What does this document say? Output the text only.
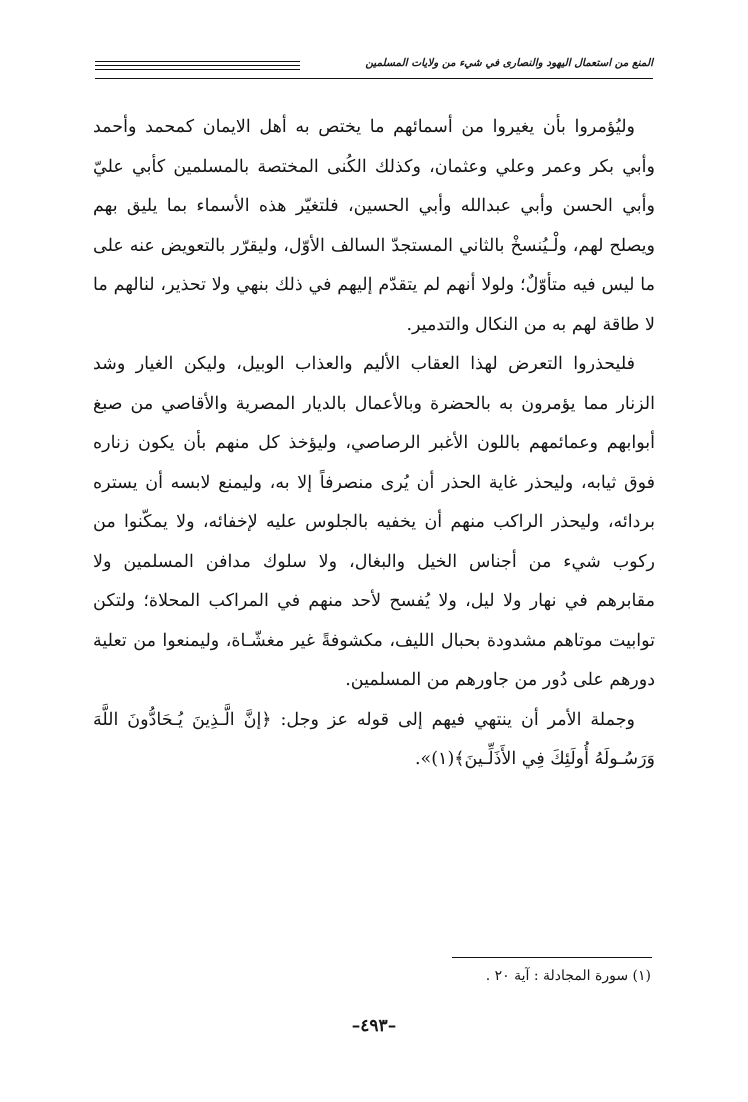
المنع من استعمال اليهود والنصارى في شيء من ولايات المسلمين

وليُؤمروا بأن يغيروا من أسمائهم ما يختص به أهل الايمان كمحمد وأحمد وأبي بكر وعمر وعلي وعثمان، وكذلك الكُنى المختصة بالمسلمين كأبي عليّ وأبي الحسن وأبي عبدالله وأبي الحسين، فلتغيّر هذه الأسماء بما يليق بهم ويصلح لهم، ولْـيُنسخْ بالثاني المستجدّ السالف الأوّل، وليقرّر بالتعويض عنه على ما ليس فيه متأوّلٌ؛ ولولا أنهم لم يتقدّم إليهم في ذلك بنهي ولا تحذير، لنالهم ما لا طاقة لهم به من النكال والتدمير.

فليحذروا التعرض لهذا العقاب الأليم والعذاب الوبيل، وليكن الغيار وشد الزنار مما يؤمرون به بالحضرة وبالأعمال بالديار المصرية والأقاصي من صبغ أبوابهم وعمائمهم باللون الأغبر الرصاصي، وليؤخذ كل منهم بأن يكون زناره فوق ثيابه، وليحذر غاية الحذر أن يُرى منصرفاً إلا به، وليمنع لابسه أن يستره بردائه، وليحذر الراكب منهم أن يخفيه بالجلوس عليه لإخفائه، ولا يمكّنوا من ركوب شيء من أجناس الخيل والبغال، ولا سلوك مدافن المسلمين ولا مقابرهم في نهار ولا ليل، ولا يُفسح لأحد منهم في المراكب المحلاة؛ ولتكن توابيت موتاهم مشدودة بحبال الليف، مكشوفةً غير مغشّـاة، وليمنعوا من تعلية دورهم على دُور من جاورهم من المسلمين.

وجملة الأمر أن ينتهي فيهم إلى قوله عز وجل: ﴿إنَّ الَّـذِينَ يُـحَادُّونَ اللَّهَ وَرَسُـولَهُ أُولَئِكَ فِي الأَذَلِّـينَ﴾(١)».

(١) سورة المجادلة : آية ٢٠ .
–٤٩٣–
